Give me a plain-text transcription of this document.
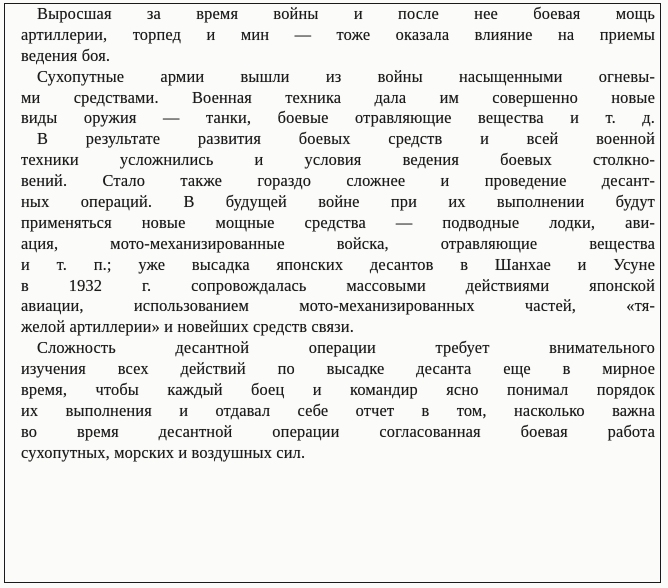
Выросшая за время войны и после нее боевая мощь
артиллерии, торпед и мин — тоже оказала влияние на приемы
ведения боя.
Сухопутные армии вышли из войны насыщенными огневы-
ми средствами. Военная техника дала им совершенно новые
виды оружия — танки, боевые отравляющие вещества и т. д.
В результате развития боевых средств и всей военной
техники усложнились и условия ведения боевых столкно-
вений. Стало также гораздо сложнее и проведение десант-
ных операций. В будущей войне при их выполнении будут
применяться новые мощные средства — подводные лодки, ави-
ация, мото-механизированные войска, отравляющие вещества
и т. п.; уже высадка японских десантов в Шанхае и Усуне
в 1932 г. сопровождалась массовыми действиями японской
авиации, использованием мото-механизированных частей, «тя-
желой артиллерии» и новейших средств связи.
Сложность десантной операции требует внимательного
изучения всех действий по высадке десанта еще в мирное
время, чтобы каждый боец и командир ясно понимал порядок
их выполнения и отдавал себе отчет в том, насколько важна
во время десантной операции согласованная боевая работа
сухопутных, морских и воздушных сил.
